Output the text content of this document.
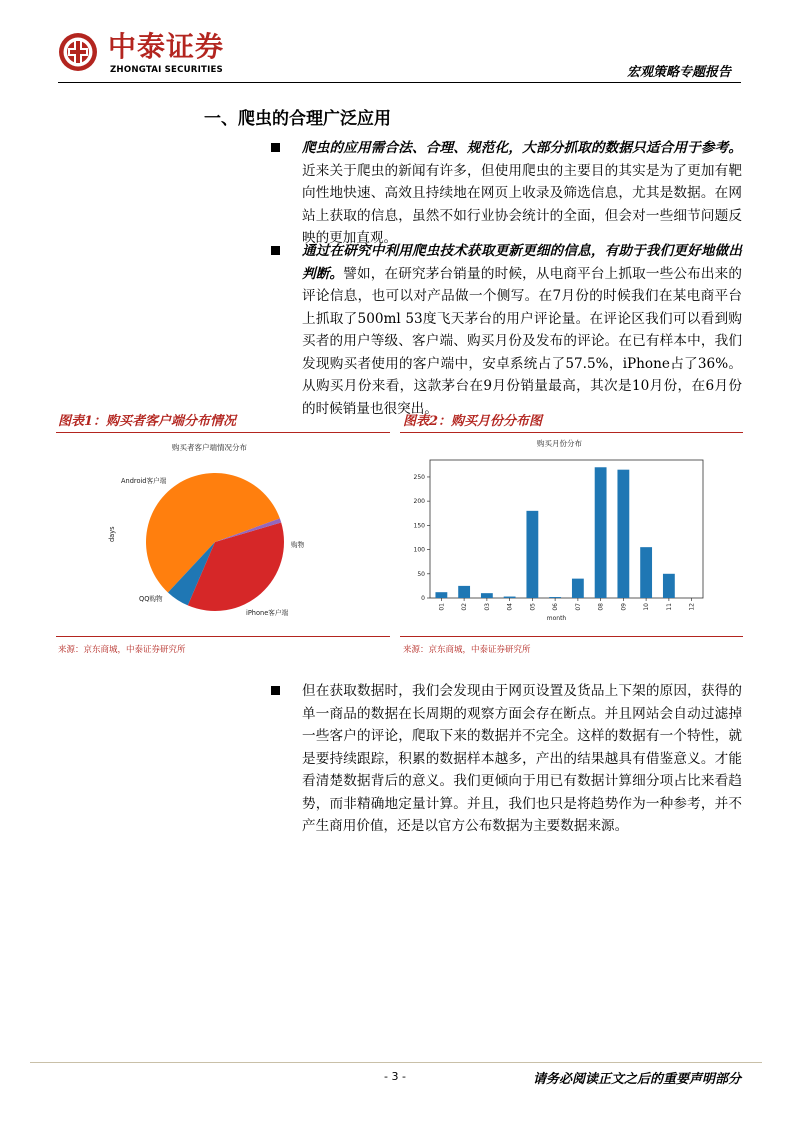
中泰证券
ZHONGTAI SECURITIES	宏观策略专题报告
一、爬虫的合理广泛应用
爬虫的应用需合法、合理、规范化，大部分抓取的数据只适合用于参考。近来关于爬虫的新闻有许多，但使用爬虫的主要目的其实是为了更加有靶向性地快速、高效且持续地在网页上收录及筛选信息，尤其是数据。在网站上获取的信息，虽然不如行业协会统计的全面，但会对一些细节问题反映的更加直观。
通过在研究中利用爬虫技术获取更新更细的信息，有助于我们更好地做出判断。譬如，在研究茅台销量的时候，从电商平台上抓取一些公布出来的评论信息，也可以对产品做一个侧写。在7月份的时候我们在某电商平台上抓取了500ml 53度飞天茅台的用户评论量。在评论区我们可以看到购买者的用户等级、客户端、购买月份及发布的评论。在已有样本中，我们发现购买者使用的客户端中，安卓系统占了57.5%，iPhone占了36%。从购买月份来看，这款茅台在9月份销量最高，其次是10月份，在6月份的时候销量也很突出。
图表1：购买者客户端分布情况
购买者客户端情况分布
Android客户端
iPhone客户端
购物
QQ购物
days
来源：京东商城，中泰证券研究所
图表2：购买月份分布图
购买月份分布
0
50
100
150
200
250
01	02	03	04	05	06	07	08	09	10	11	12
month
来源：京东商城，中泰证券研究所
但在获取数据时，我们会发现由于网页设置及货品上下架的原因，获得的单一商品的数据在长周期的观察方面会存在断点。并且网站会自动过滤掉一些客户的评论，爬取下来的数据并不完全。这样的数据有一个特性，就是要持续跟踪，积累的数据样本越多，产出的结果越具有借鉴意义。才能看清楚数据背后的意义。我们更倾向于用已有数据计算细分项占比来看趋势，而非精确地定量计算。并且，我们也只是将趋势作为一种参考，并不产生商用价值，还是以官方公布数据为主要数据来源。
- 3 -	请务必阅读正文之后的重要声明部分
